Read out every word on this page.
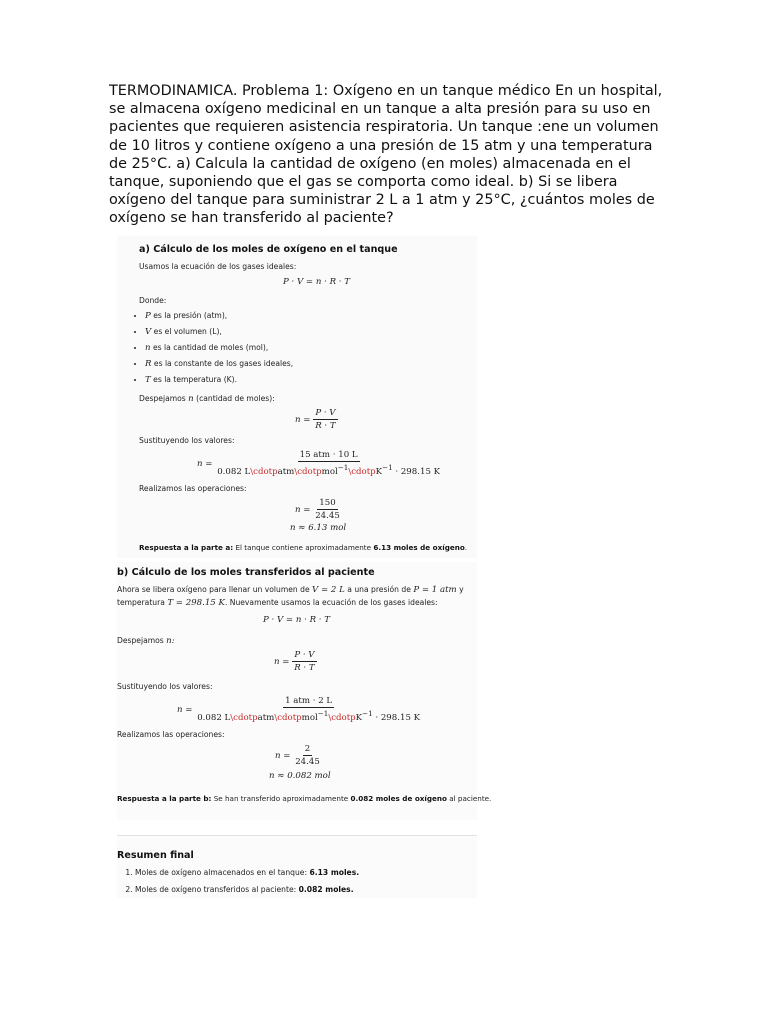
TERMODINAMICA. Problema 1: Oxígeno en un tanque médico En un hospital, se almacena oxígeno medicinal en un tanque a alta presión para su uso en pacientes que requieren asistencia respiratoria. Un tanque :ene un volumen de 10 litros y contiene oxígeno a una presión de 15 atm y una temperatura de 25°C. a) Calcula la cantidad de oxígeno (en moles) almacenada en el tanque, suponiendo que el gas se comporta como ideal. b) Si se libera oxígeno del tanque para suministrar 2 L a 1 atm y 25°C, ¿cuántos moles de oxígeno se han transferido al paciente?

a) Cálculo de los moles de oxígeno en el tanque
Usamos la ecuación de los gases ideales:
P · V = n · R · T
Donde:
• P es la presión (atm),
• V es el volumen (L),
• n es la cantidad de moles (mol),
• R es la constante de los gases ideales,
• T es la temperatura (K).
Despejamos n (cantidad de moles):
$n = \frac{P \cdot V}{R \cdot T}$
Sustituyendo los valores:
$n = \frac{\text{15 atm · 10 L}}{0.082 L\backslash cdotpatm\backslash cdotpmol^{-1}\backslash cdotpK^{-1} \cdot 298.15 K}$
Realizamos las operaciones:
$n = \frac{150}{24.45}$
n ≈ 6.13 mol
Respuesta a la parte a: El tanque contiene aproximadamente 6.13 moles de oxígeno.
b) Cálculo de los moles transferidos al paciente
Ahora se libera oxígeno para llenar un volumen de V = 2 L a una presión de P = 1 atm y
temperatura T = 298.15 K. Nuevamente usamos la ecuación de los gases ideales:
P · V = n · R · T
Despejamos n:
$n = \frac{P \cdot V}{R \cdot T}$
Sustituyendo los valores:
$n = \frac{\text{1 atm · 2 L}}{0.082 L\backslash cdotpatm\backslash cdotpmol^{-1}\backslash cdotpK^{-1} \cdot 298.15 K}$
Realizamos las operaciones:
$n = \frac{2}{24.45}$
n ≈ 0.082 mol
Respuesta a la parte b: Se han transferido aproximadamente 0.082 moles de oxígeno al paciente.
Resumen final
1. Moles de oxígeno almacenados en el tanque: 6.13 moles.
2. Moles de oxígeno transferidos al paciente: 0.082 moles.
